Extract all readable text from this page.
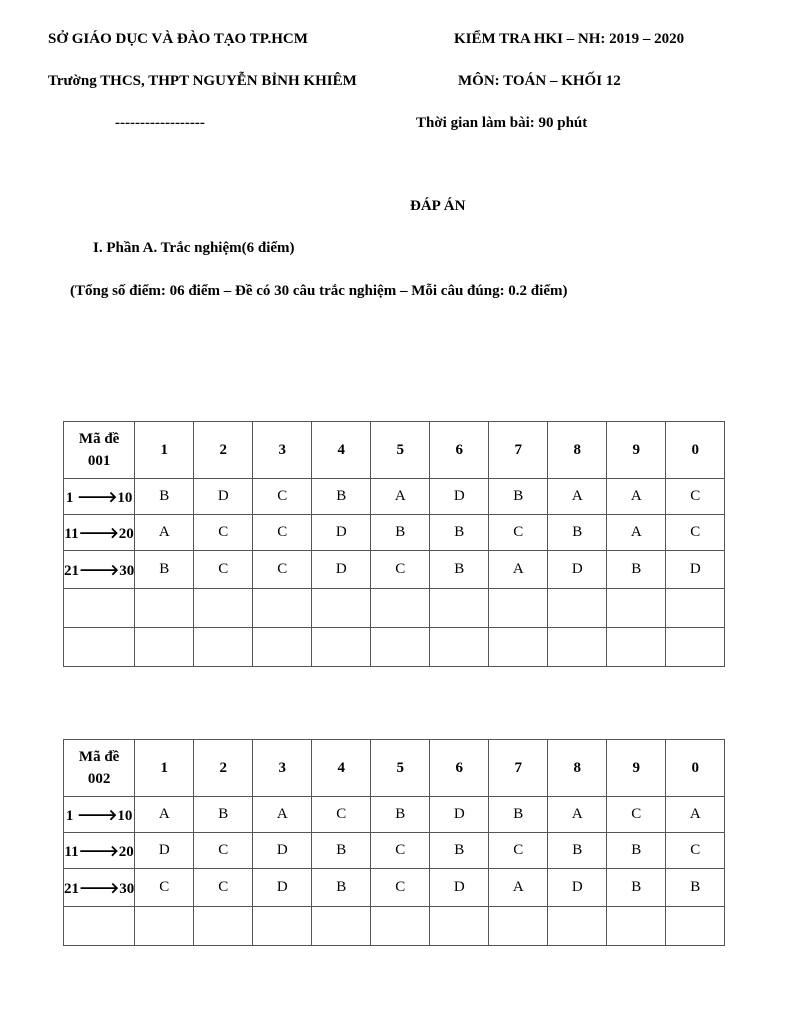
SỞ GIÁO DỤC VÀ ĐÀO TẠO TP.HCM	KIỂM TRA HKI – NH: 2019 – 2020
Trường THCS, THPT NGUYỄN BỈNH KHIÊM	MÔN: TOÁN – KHỐI 12
------------------	Thời gian làm bài: 90 phút
ĐÁP ÁN
I. Phần A. Trắc nghiệm(6 điểm)
(Tổng số điểm: 06 điểm – Đề có 30 câu trắc nghiệm – Mỗi câu đúng: 0.2 điểm)
Mã đề
001	1	2	3	4	5	6	7	8	9	0
1 🡒10	B	D	C	B	A	D	B	A	A	C
11🡒20	A	C	C	D	B	B	C	B	A	C
21🡒30	B	C	C	D	C	B	A	D	B	D

Mã đề
002	1	2	3	4	5	6	7	8	9	0
1 🡒10	A	B	A	C	B	D	B	A	C	A
11🡒20	D	C	D	B	C	B	C	B	B	C
21🡒30	C	C	D	B	C	D	A	D	B	B
